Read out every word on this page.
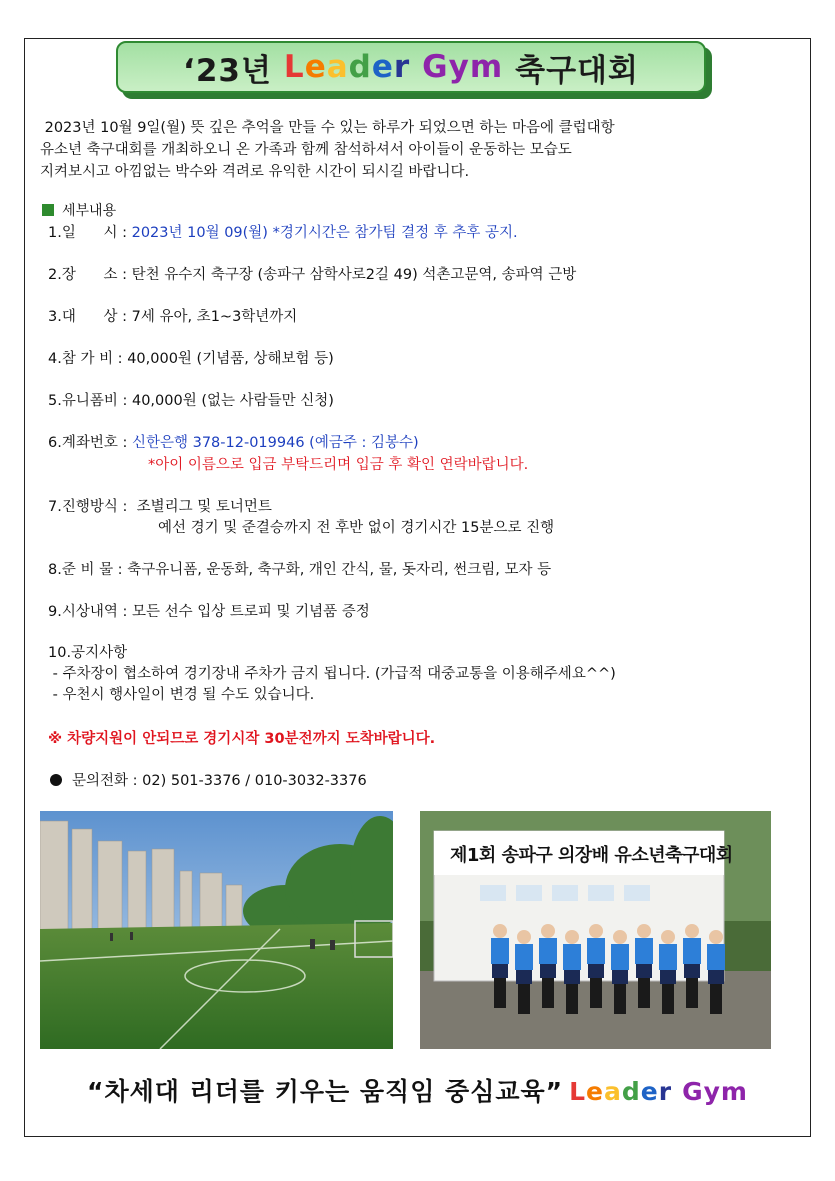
‘23년 Leader Gym 축구대회
2023년 10월 9일(월) 뜻 깊은 추억을 만들 수 있는 하루가 되었으면 하는 마음에 클럽대항
유소년 축구대회를 개최하오니 온 가족과 함께 참석하셔서 아이들이 운동하는 모습도
지켜보시고 아낌없는 박수와 격려로 유익한 시간이 되시길 바랍니다.
세부내용
1.일      시 : 2023년 10월 09(월) *경기시간은 참가팀 결정 후 추후 공지.
2.장      소 : 탄천 유수지 축구장 (송파구 삼학사로2길 49) 석촌고문역, 송파역 근방
3.대      상 : 7세 유아, 초1~3학년까지
4.참 가 비 : 40,000원 (기념품, 상해보험 등)
5.유니폼비 : 40,000원 (없는 사람들만 신청)
6.계좌번호 : 신한은행 378-12-019946 (예금주 : 김봉수)
*아이 이름으로 입금 부탁드리며 입금 후 확인 연락바랍니다.
7.진행방식 :  조별리그 및 토너먼트
예선 경기 및 준결승까지 전 후반 없이 경기시간 15분으로 진행
8.준 비 물 : 축구유니폼, 운동화, 축구화, 개인 간식, 물, 돗자리, 썬크림, 모자 등
9.시상내역 : 모든 선수 입상 트로피 및 기념품 증정
10.공지사항
- 주차장이 협소하여 경기장내 주차가 금지 됩니다. (가급적 대중교통을 이용해주세요^^)
- 우천시 행사일이 변경 될 수도 있습니다.
※ 차량지원이 안되므로 경기시작 30분전까지 도착바랍니다.
문의전화 : 02) 501-3376 / 010-3032-3376
제1회 송파구 의장배 유소년축구대회
“차세대 리더를 키우는 움직임 중심교육” Leader Gym
